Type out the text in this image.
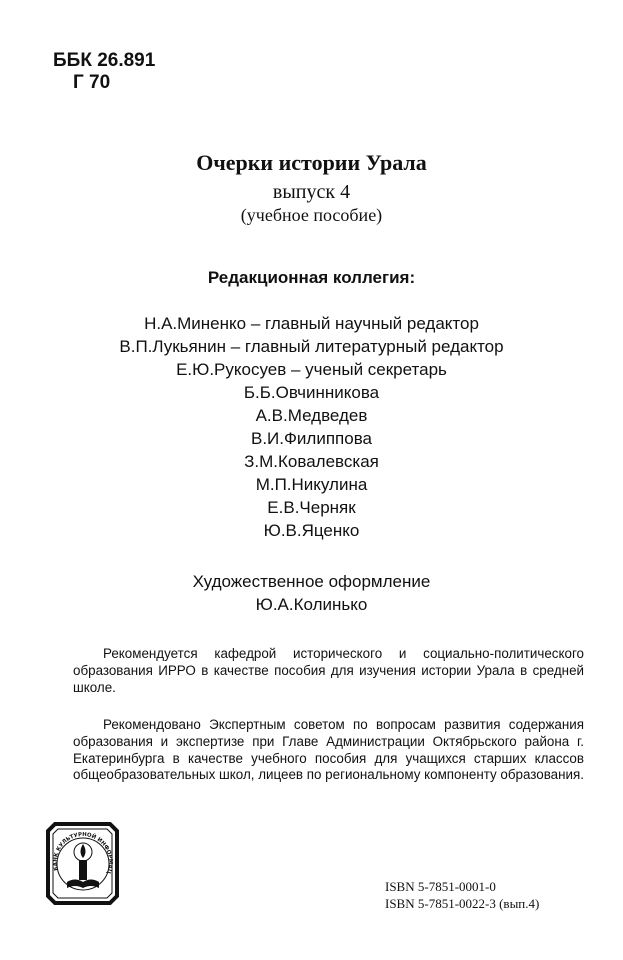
ББК 26.891
Г 70
Очерки истории Урала
выпуск 4
(учебное пособие)
Редакционная коллегия:
Н.А.Миненко – главный научный редактор
В.П.Лукьянин – главный литературный редактор
Е.Ю.Рукосуев – ученый секретарь
Б.Б.Овчинникова
А.В.Медведев
В.И.Филиппова
З.М.Ковалевская
М.П.Никулина
Е.В.Черняк
Ю.В.Яценко
Художественное оформление
Ю.А.Колинько

Рекомендуется кафедрой исторического и социально-политического образования ИРРО в качестве пособия для изучения истории Урала в средней школе.

Рекомендовано Экспертным советом по вопросам развития содержания образования и экспертизе при Главе Администрации Октябрьского района г. Екатеринбурга в качестве учебного пособия для учащихся старших классов общеобразовательных школ, лицеев по региональному компоненту образования.

БАНК КУЛЬТУРНОЙ ИНФОРМАЦ
ISBN 5-7851-0001-0
ISBN 5-7851-0022-3 (вып.4)
